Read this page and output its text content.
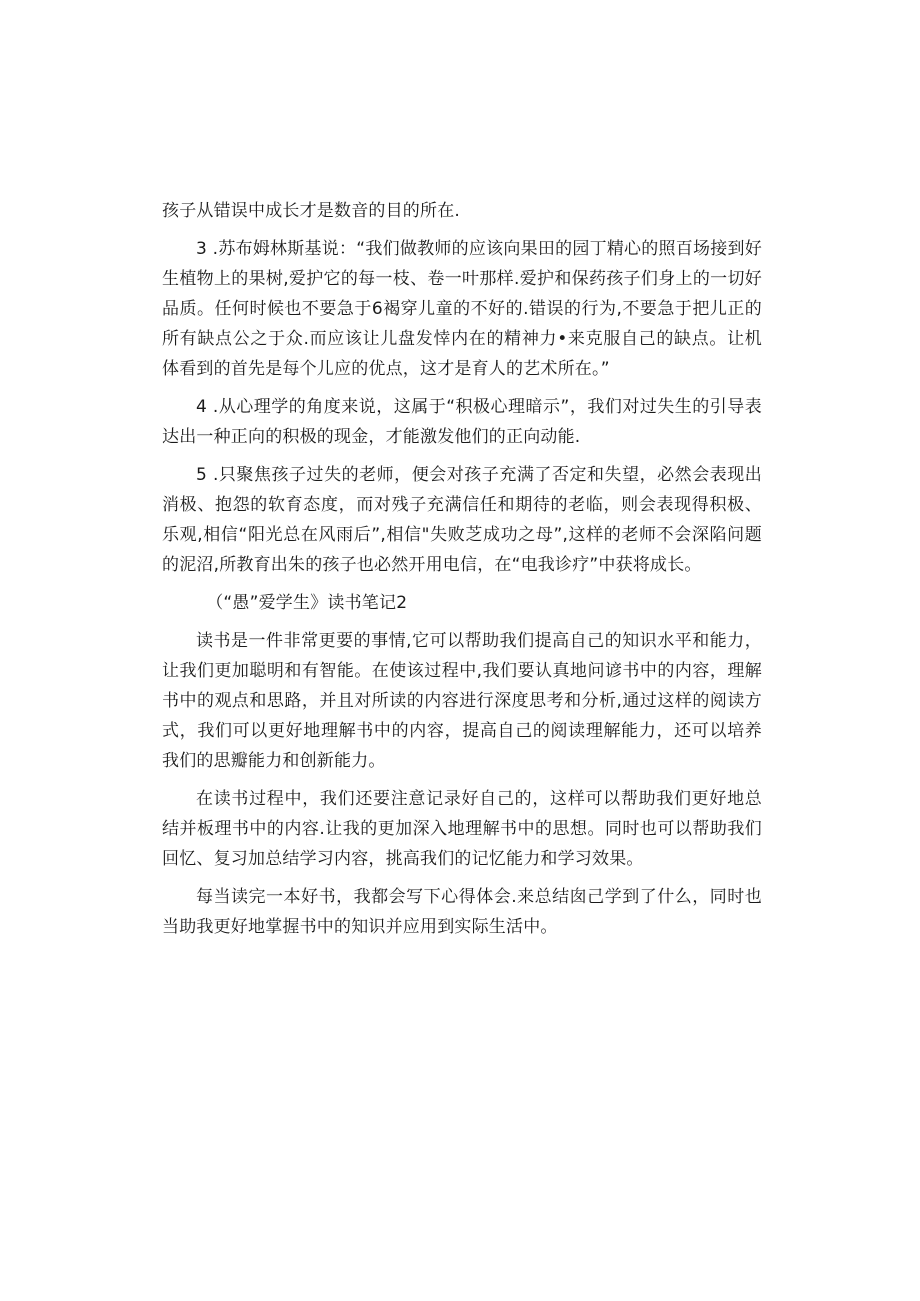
孩子从错误中成长才是数音的目的所在.

3 .苏布姆林斯基说：“我们做教师的应该向果田的园丁精心的照百场接到好生植物上的果树,爱护它的每一枝、卷一叶那样.爱护和保药孩子们身上的一切好品质。任何时候也不要急于6褐穿儿童的不好的.错误的行为,不要急于把儿正的所有缺点公之于众.而应该让儿盘发悻内在的精神力•来克服自己的缺点。让机体看到的首先是每个儿应的优点，这才是育人的艺术所在。”

4 .从心理学的角度来说，这属于“积极心理暗示”，我们对过失生的引导表达出一种正向的积极的现金，才能激发他们的正向动能.

5 .只聚焦孩子过失的老师，便会对孩子充满了否定和失望，必然会表现出消极、抱怨的软育态度，而对残子充满信任和期待的老临，则会表现得积极、乐观,相信“阳光总在风雨后”,相信"失败芝成功之母”,这样的老师不会深陷问题的泥沼,所教育出朱的孩子也必然开用电信，在“电我诊疗”中获将成长。

（“愚”爱学生》读书笔记2

读书是一件非常更要的事情,它可以帮助我们提高自己的知识水平和能力，让我们更加聪明和有智能。在使该过程中,我们要认真地问谚书中的内容，理解书中的观点和思路，并且对所读的内容进行深度思考和分析,通过这样的阅读方式，我们可以更好地理解书中的内容，提高自己的阅读理解能力，还可以培养我们的思瓣能力和创新能力。

在读书过程中，我们还要注意记录好自己的，这样可以帮助我们更好地总结并板理书中的内容.让我的更加深入地理解书中的思想。同时也可以帮助我们回忆、复习加总结学习内容，挑高我们的记忆能力和学习效果。

每当读完一本好书，我都会写下心得体会.来总结囱己学到了什么，同时也当助我更好地掌握书中的知识并应用到实际生活中。
